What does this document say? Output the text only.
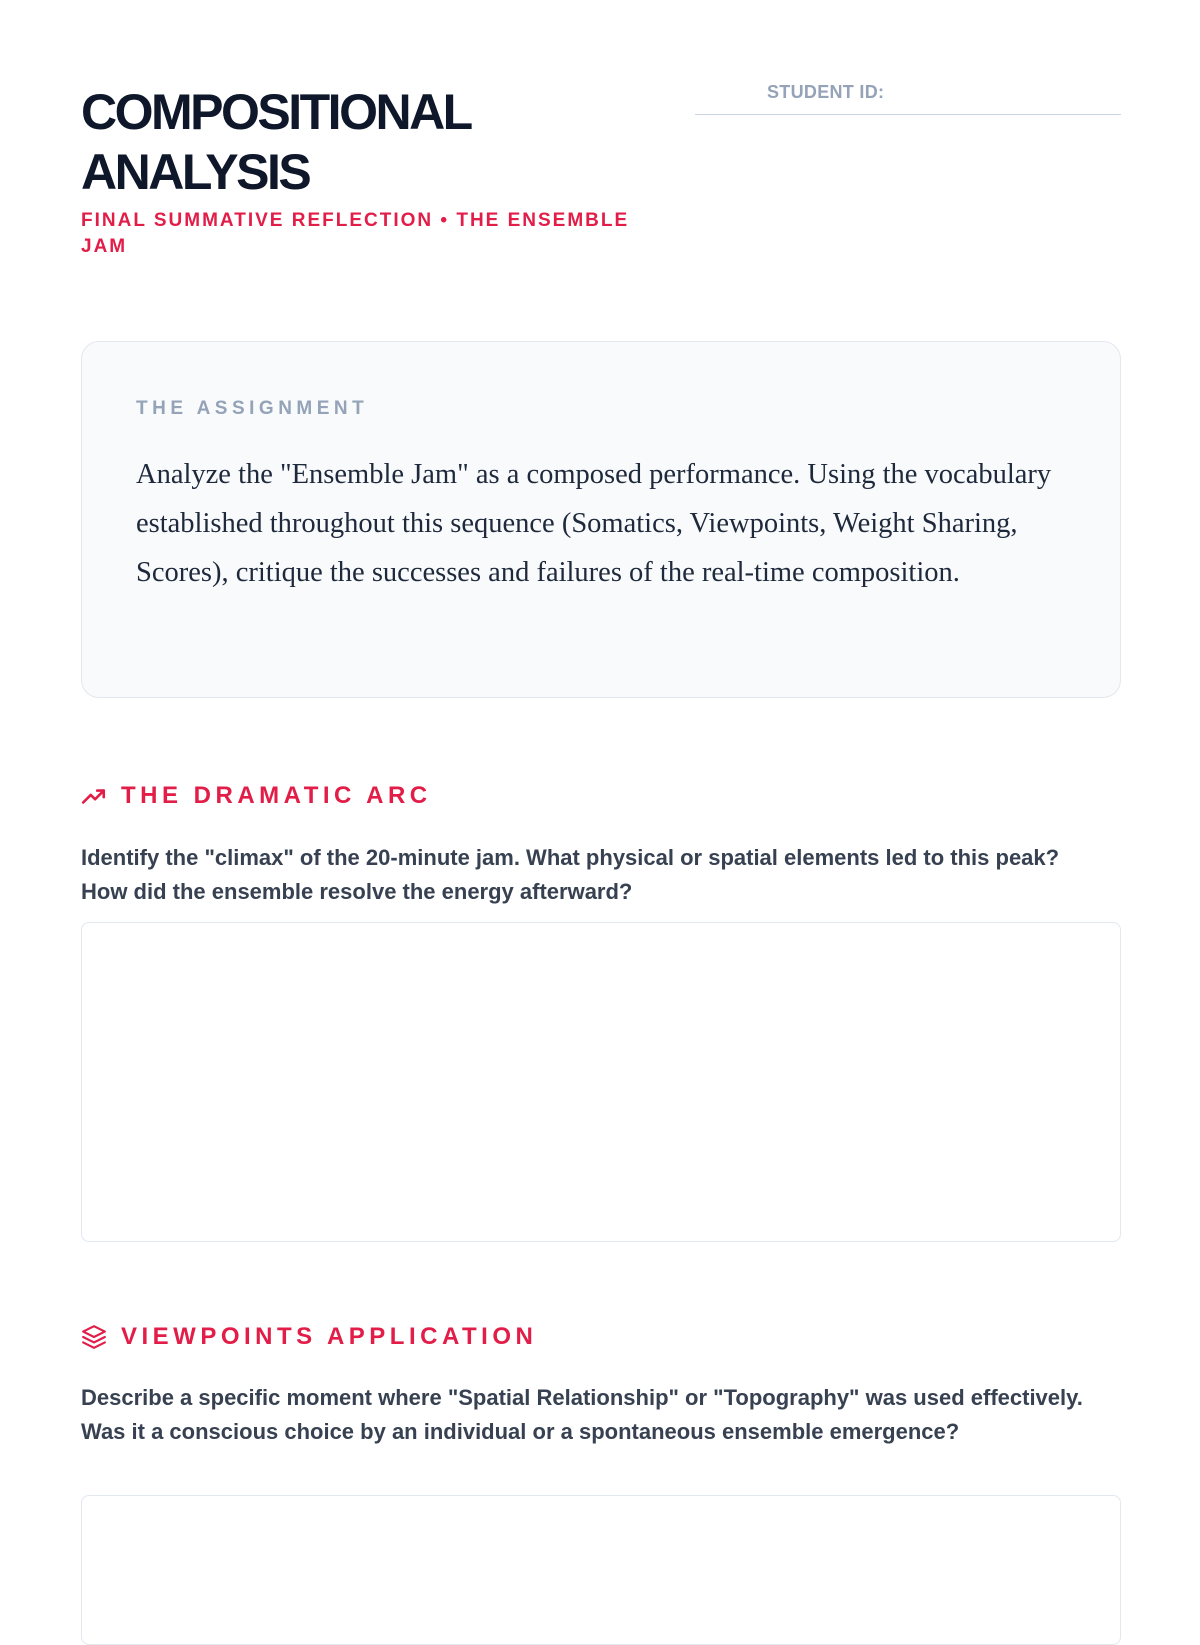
COMPOSITIONAL ANALYSIS
FINAL SUMMATIVE REFLECTION • THE ENSEMBLE JAM
STUDENT ID:
THE ASSIGNMENT

Analyze the "Ensemble Jam" as a composed performance. Using the vocabulary established throughout this sequence (Somatics, Viewpoints, Weight Sharing, Scores), critique the successes and failures of the real-time composition.

THE DRAMATIC ARC

Identify the "climax" of the 20-minute jam. What physical or spatial elements led to this peak? How did the ensemble resolve the energy afterward?

VIEWPOINTS APPLICATION

Describe a specific moment where "Spatial Relationship" or "Topography" was used effectively. Was it a conscious choice by an individual or a spontaneous ensemble emergence?
